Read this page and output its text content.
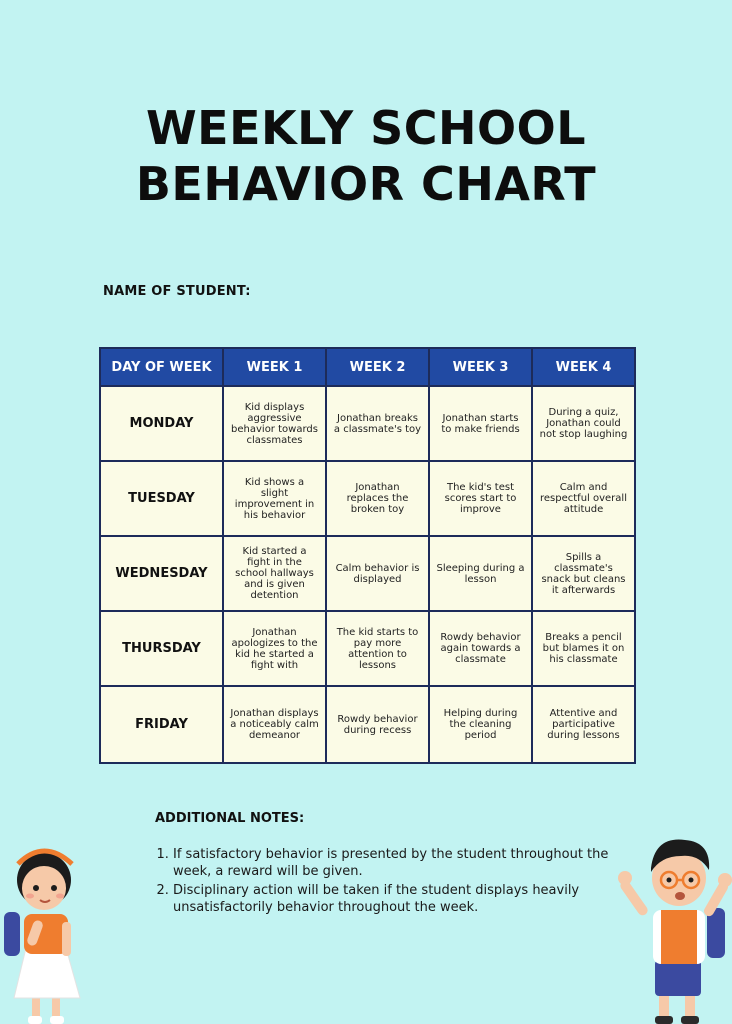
WEEKLY SCHOOL
BEHAVIOR CHART
NAME OF STUDENT:
DAY OF WEEK	WEEK 1	WEEK 2	WEEK 3	WEEK 4
MONDAY	Kid displays aggressive behavior towards classmates	Jonathan breaks a classmate's toy	Jonathan starts to make friends	During a quiz, Jonathan could not stop laughing
TUESDAY	Kid shows a slight improvement in his behavior	Jonathan replaces the broken toy	The kid's test scores start to improve	Calm and respectful overall attitude
WEDNESDAY	Kid started a fight in the school hallways and is given detention	Calm behavior is displayed	Sleeping during a lesson	Spills a classmate's snack but cleans it afterwards
THURSDAY	Jonathan apologizes to the kid he started a fight with	The kid starts to pay more attention to lessons	Rowdy behavior again towards a classmate	Breaks a pencil but blames it on his classmate
FRIDAY	Jonathan displays a noticeably calm demeanor	Rowdy behavior during recess	Helping during the cleaning period	Attentive and participative during lessons
ADDITIONAL NOTES:
1. If satisfactory behavior is presented by the student throughout the week, a reward will be given.
2. Disciplinary action will be taken if the student displays heavily unsatisfactorily behavior throughout the week.
